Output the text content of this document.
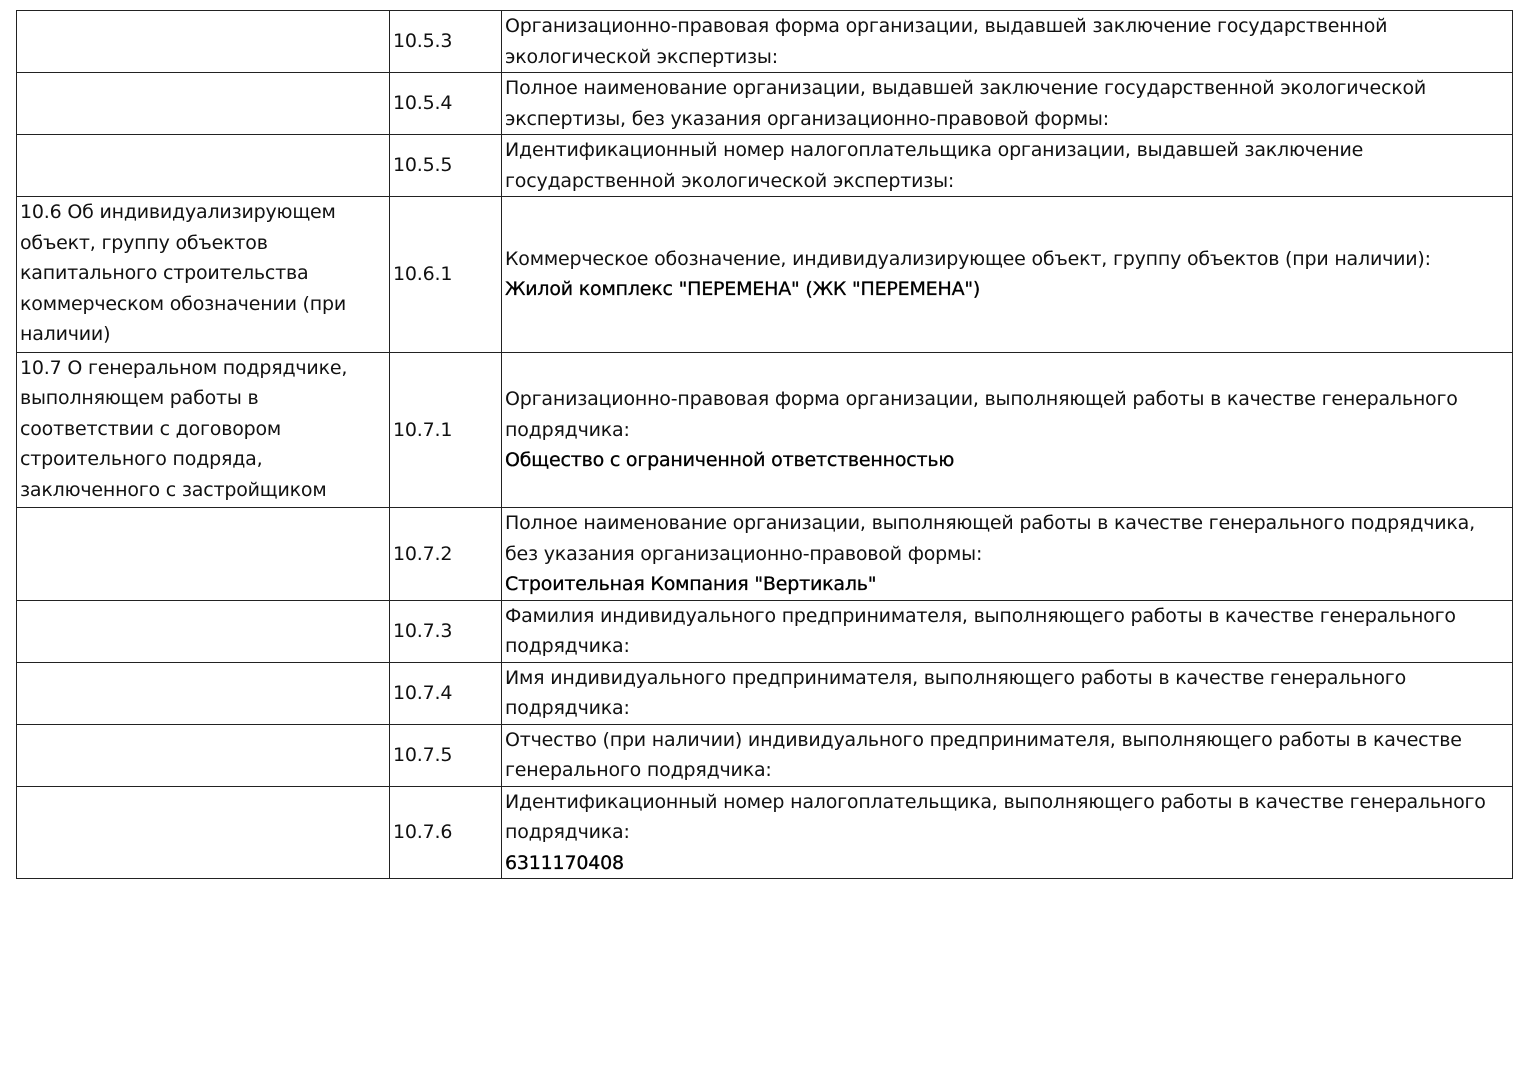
	10.5.3	Организационно-правовая форма организации, выдавшей заключение государственной экологической экспертизы:

	10.5.4	Полное наименование организации, выдавшей заключение государственной экологической экспертизы, без указания организационно-правовой формы:

	10.5.5	Идентификационный номер налогоплательщика организации, выдавшей заключение государственной экологической экспертизы:

10.6 Об индивидуализирующем объект, группу объектов капитального строительства коммерческом обозначении (при наличии)	10.6.1	Коммерческое обозначение, индивидуализирующее объект, группу объектов (при наличии):
Жилой комплекс "ПЕРЕМЕНА" (ЖК "ПЕРЕМЕНА")

10.7 О генеральном подрядчике, выполняющем работы в соответствии с договором строительного подряда, заключенного с застройщиком	10.7.1	Организационно-правовая форма организации, выполняющей работы в качестве генерального подрядчика:
Общество с ограниченной ответственностью

	10.7.2	Полное наименование организации, выполняющей работы в качестве генерального подрядчика, без указания организационно-правовой формы:
Строительная Компания "Вертикаль"

	10.7.3	Фамилия индивидуального предпринимателя, выполняющего работы в качестве генерального подрядчика:

	10.7.4	Имя индивидуального предпринимателя, выполняющего работы в качестве генерального подрядчика:

	10.7.5	Отчество (при наличии) индивидуального предпринимателя, выполняющего работы в качестве генерального подрядчика:

	10.7.6	Идентификационный номер налогоплательщика, выполняющего работы в качестве генерального подрядчика:
6311170408
